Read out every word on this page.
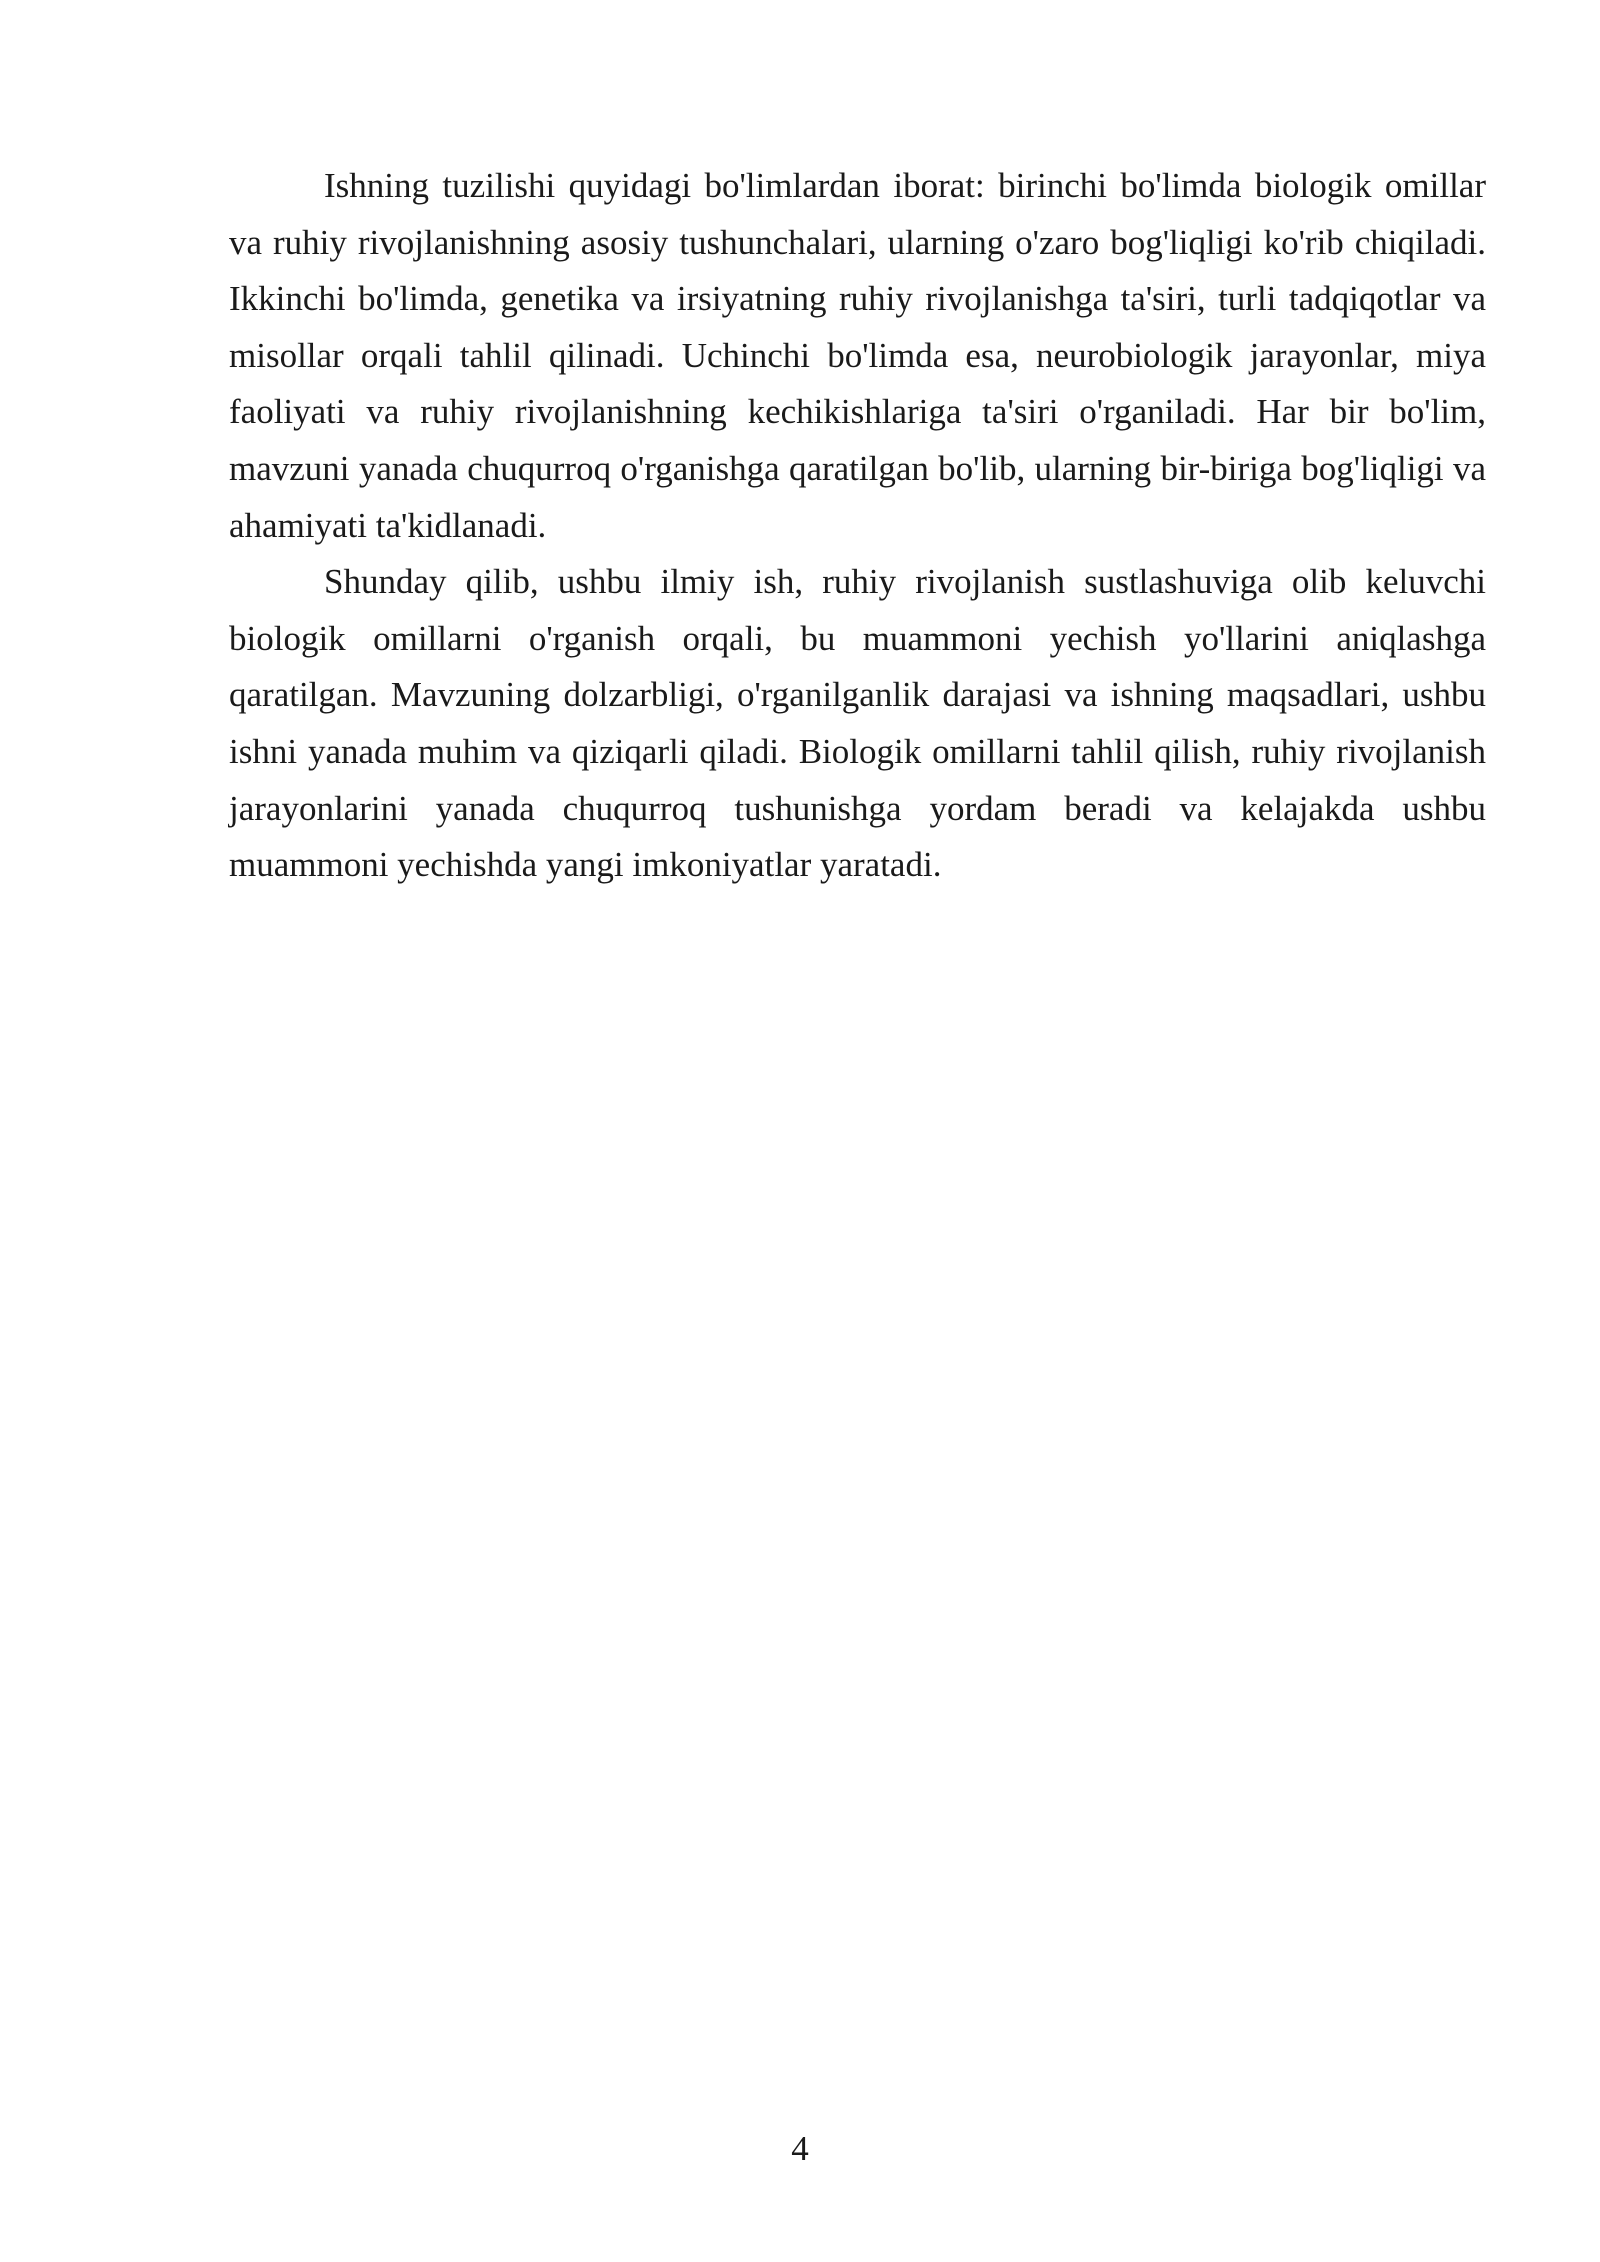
Ishning tuzilishi quyidagi bo'limlardan iborat: birinchi bo'limda biologik omillar va ruhiy rivojlanishning asosiy tushunchalari, ularning o'zaro bog'liqligi ko'rib chiqiladi. Ikkinchi bo'limda, genetika va irsiyatning ruhiy rivojlanishga ta'siri, turli tadqiqotlar va misollar orqali tahlil qilinadi. Uchinchi bo'limda esa, neurobiologik jarayonlar, miya faoliyati va ruhiy rivojlanishning kechikishlariga ta'siri o'rganiladi. Har bir bo'lim, mavzuni yanada chuqurroq o'rganishga qaratilgan bo'lib, ularning bir-biriga bog'liqligi va ahamiyati ta'kidlanadi.

Shunday qilib, ushbu ilmiy ish, ruhiy rivojlanish sustlashuviga olib keluvchi biologik omillarni o'rganish orqali, bu muammoni yechish yo'llarini aniqlashga qaratilgan. Mavzuning dolzarbligi, o'rganilganlik darajasi va ishning maqsadlari, ushbu ishni yanada muhim va qiziqarli qiladi. Biologik omillarni tahlil qilish, ruhiy rivojlanish jarayonlarini yanada chuqurroq tushunishga yordam beradi va kelajakda ushbu muammoni yechishda yangi imkoniyatlar yaratadi.

4
